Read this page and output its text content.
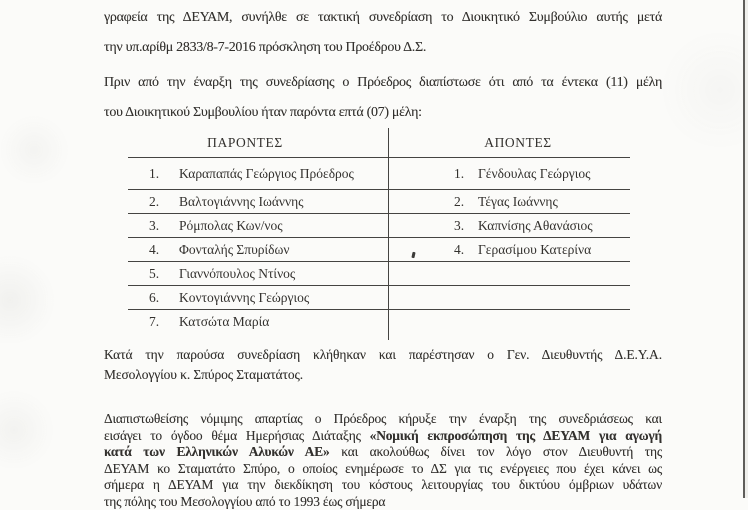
γραφεία της ΔΕΥΑΜ, συνήλθε σε τακτική συνεδρίαση το Διοικητικό Συμβούλιο αυτής μετά
την υπ.αρίθμ 2833/8-7-2016 πρόσκληση του Προέδρου Δ.Σ.
Πριν από την έναρξη της συνεδρίασης ο Πρόεδρος διαπίστωσε ότι από τα έντεκα (11) μέλη
του Διοικητικού Συμβουλίου ήταν παρόντα επτά (07) μέλη:
ΠΑΡΟΝΤΕΣ	ΑΠΟΝΤΕΣ
1.	Καραπαπάς Γεώργιος Πρόεδρος	1.	Γένδουλας Γεώργιος
2.	Βαλτογιάννης Ιωάννης	2.	Τέγας Ιωάννης
3.	Ρόμπολας Κων/νος	3.	Καπνίσης Αθανάσιος
4.	Φονταλής Σπυρίδων	4.	Γερασίμου Κατερίνα
5.	Γιαννόπουλος Ντίνος
6.	Κοντογιάννης Γεώργιος
7.	Κατσώτα Μαρία
Κατά την παρούσα συνεδρίαση κλήθηκαν και παρέστησαν ο Γεν. Διευθυντής Δ.Ε.Υ.Α.
Μεσολογγίου κ. Σπύρος Σταματάτος.
Διαπιστωθείσης νόμιμης απαρτίας ο Πρόεδρος κήρυξε την έναρξη της συνεδριάσεως και
εισάγει το όγδοο θέμα Ημερήσιας Διάταξης «Νομική εκπροσώπηση της ΔΕΥΑΜ για αγωγή
κατά των Ελληνικών Αλυκών ΑΕ» και ακολούθως δίνει τον λόγο στον Διευθυντή της
ΔΕΥΑΜ κο Σταματάτο Σπύρο, ο οποίος ενημέρωσε το ΔΣ για τις ενέργειες που έχει κάνει ως
σήμερα η ΔΕΥΑΜ για την διεκδίκηση του κόστους λειτουργίας του δικτύου όμβριων υδάτων
της πόλης του Μεσολογγίου από το 1993 έως σήμερα
